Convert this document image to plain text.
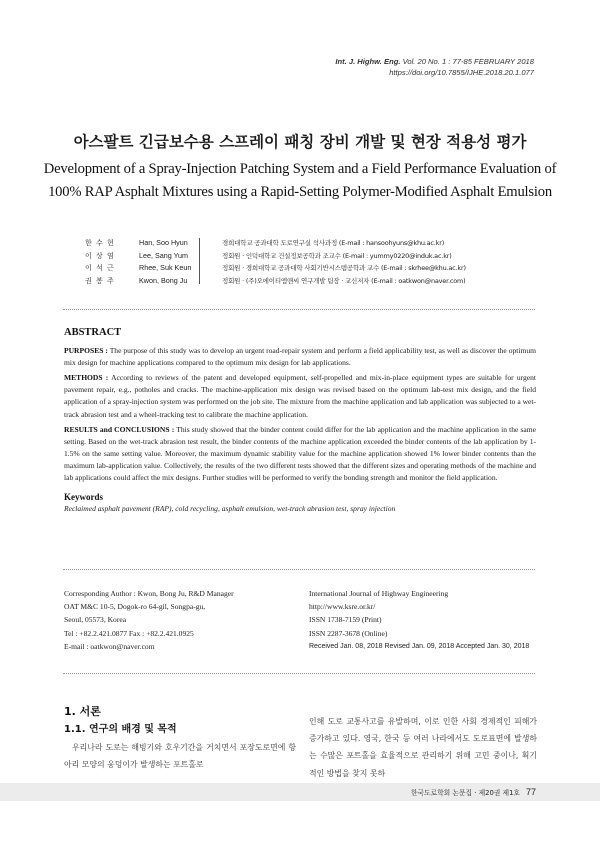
Int. J. Highw. Eng. Vol. 20 No. 1 : 77-85 FEBRUARY 2018
https://doi.org/10.7855/IJHE.2018.20.1.077
아스팔트 긴급보수용 스프레이 패칭 장비 개발 및 현장 적용성 평가
Development of a Spray-Injection Patching System and a Field Performance Evaluation of
100% RAP Asphalt Mixtures using a Rapid-Setting Polymer-Modified Asphalt Emulsion
한 수 현	Han, Soo Hyun	경희대학교 공과대학 도로연구실 석사과정 (E-mail : hansoohyuns@khu.ac.kr)
이 상 염	Lee, Sang Yum	정회원 · 인덕대학교 건설정보공학과 조교수 (E-mail : yummy0220@induk.ac.kr)
이 석 근	Rhee, Suk Keun	정회원 · 경희대학교 공과대학 사회기반시스템공학과 교수 (E-mail : skrhee@khu.ac.kr)
권 봉 주	Kwon, Bong Ju	정회원 · (주)오에이티엠앤씨 연구개발 팀장 · 교신저자 (E-mail : oatkwon@naver.com)
ABSTRACT

PURPOSES : The purpose of this study was to develop an urgent road-repair system and perform a field applicability test, as well as discover the optimum mix design for machine applications compared to the optimum mix design for lab applications.

METHODS : According to reviews of the patent and developed equipment, self-propelled and mix-in-place equipment types are suitable for urgent pavement repair, e.g., potholes and cracks. The machine-application mix design was revised based on the optimum lab-test mix design, and the field application of a spray-injection system was performed on the job site. The mixture from the machine application and lab application was subjected to a wet-track abrasion test and a wheel-tracking test to calibrate the machine application.

RESULTS and CONCLUSIONS : This study showed that the binder content could differ for the lab application and the machine application in the same setting. Based on the wet-track abrasion test result, the binder contents of the machine application exceeded the binder contents of the lab application by 1-1.5% on the same setting value. Moreover, the maximum dynamic stability value for the machine application showed 1% lower binder contents than the maximum lab-application value. Collectively, the results of the two different tests showed that the different sizes and operating methods of the machine and lab applications could affect the mix designs. Further studies will be performed to verify the bonding strength and monitor the field application.

Keywords
Reclaimed asphalt pavement (RAP), cold recycling, asphalt emulsion, wet-track abrasion test, spray injection
Corresponding Author : Kwon, Bong Ju, R&D Manager
OAT M&C 10-5, Dogok-ro 64-gil, Songpa-gu,
Seoul, 05573, Korea
Tel : +82.2.421.0877 Fax : +82.2.421.0925
E-mail : oatkwon@naver.com
International Journal of Highway Engineering
http://www.ksre.or.kr/
ISSN 1738-7159 (Print)
ISSN 2287-3678 (Online)
Received Jan. 08, 2018 Revised Jan. 09, 2018 Accepted Jan. 30, 2018
1. 서론
1.1. 연구의 배경 및 목적

우리나라 도로는 해빙기와 호우기간을 거치면서 포장도로면에 항아리 모양의 웅덩이가 발생하는 포트홀로

인해 도로 교통사고를 유발하며, 이로 인한 사회 경제적인 피해가 증가하고 있다. 영국, 한국 등 여러 나라에서도 도로표면에 발생하는 수많은 포트홀을 효율적으로 관리하기 위해 고민 중이나, 획기적인 방법을 찾지 못하

한국도로학회 논문집 · 제20권 제1호 77
